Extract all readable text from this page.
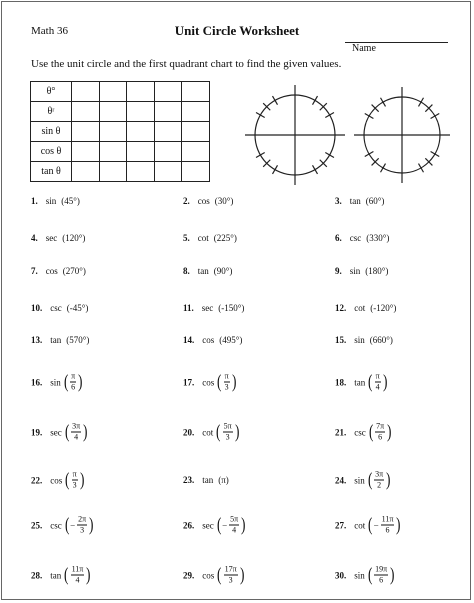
Math 36	Unit Circle Worksheet
Name
Use the unit circle and the first quadrant chart to find the given values.
θ°					
θʳ					
sin θ					
cos θ					
tan θ					
1. sin (45°)	2. cos (30°)	3. tan (60°)
4. sec (120°)	5. cot (225°)	6. csc (330°)
7. cos (270°)	8. tan (90°)	9. sin (180°)
10. csc (-45°)	11. sec (-150°)	12. cot (-120°)
13. tan (570°)	14. cos (495°)	15. sin (660°)
16. sin ( $\frac{\pi}{6}$ )	17. cos ( $\frac{\pi}{3}$ )	18. tan ( $\frac{\pi}{4}$ )
19. sec ( $\frac{3\pi}{4}$ )	20. cot ( $\frac{5\pi}{3}$ )	21. csc ( $\frac{7\pi}{6}$ )
22. cos ( $\frac{\pi}{3}$ )	23. tan (π)	24. sin ( $\frac{3\pi}{2}$ )
25. csc ( − $\frac{2\pi}{3}$ )	26. sec ( − $\frac{5\pi}{4}$ )	27. cot ( − $\frac{11\pi}{6}$ )
28. tan ( $\frac{11\pi}{4}$ )	29. cos ( $\frac{17\pi}{3}$ )	30. sin ( $\frac{19\pi}{6}$ )
